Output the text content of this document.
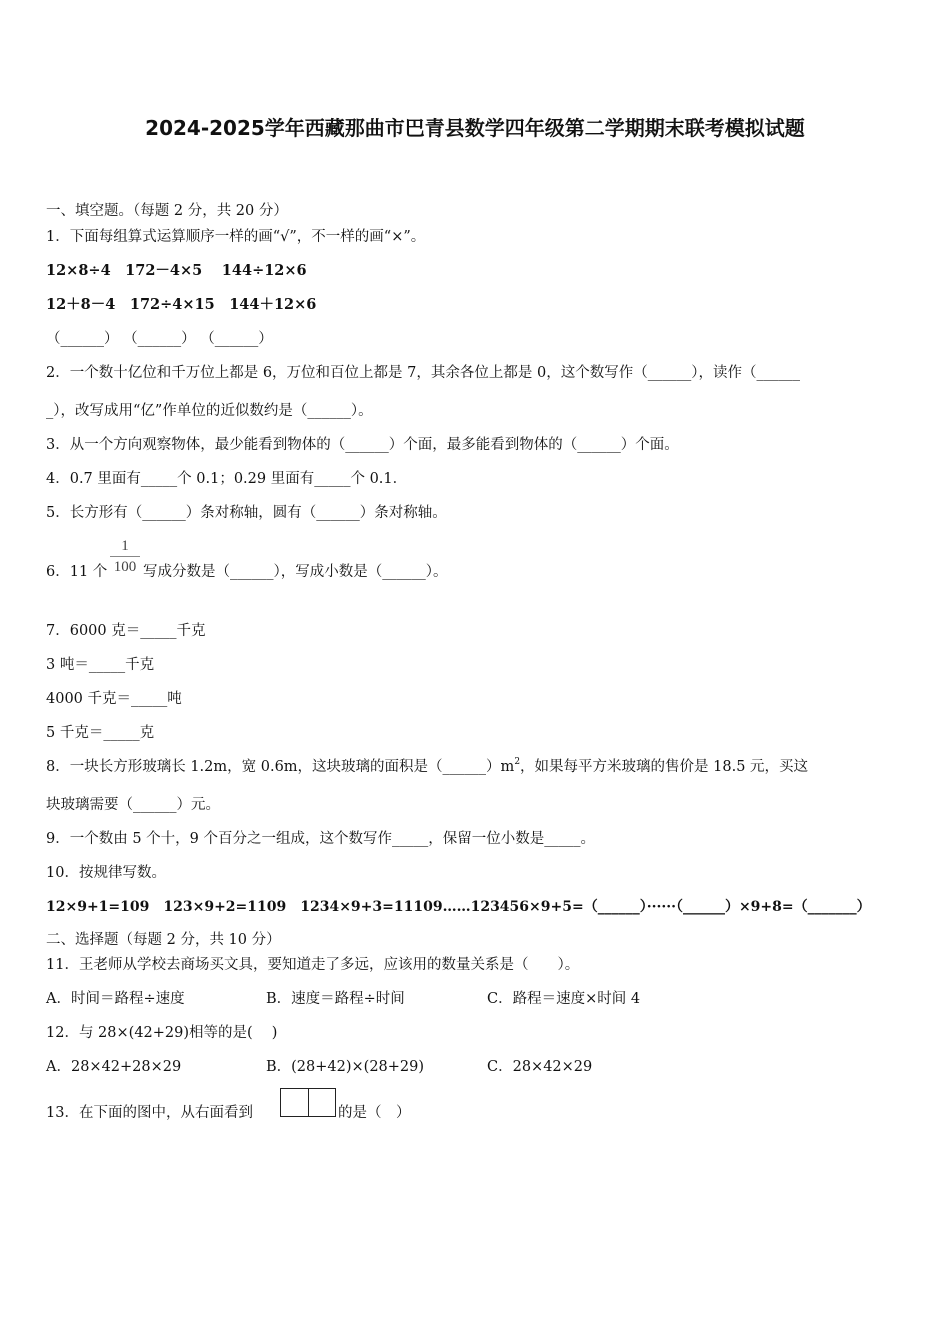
2024-2025学年西藏那曲市巴青县数学四年级第二学期期末联考模拟试题
一、填空题。（每题 2 分，共 20 分）
1．下面每组算式运算顺序一样的画“√”，不一样的画“×”。
12×8÷4　172－4×5　 144÷12×6
12＋8－4　172÷4×15　144＋12×6
（______） （______） （______）
2．一个数十亿位和千万位上都是 6，万位和百位上都是 7，其余各位上都是 0，这个数写作（______），读作（______
_），改写成用“亿”作单位的近似数约是（______）。
3．从一个方向观察物体，最少能看到物体的（______）个面，最多能看到物体的（______）个面。
4．0.7 里面有_____个 0.1；0.29 里面有_____个 0.1．
5．长方形有（______）条对称轴，圆有（______）条对称轴。
6．11 个
1
100 写成分数是（______），写成小数是（______）。
7．6000 克＝_____千克
3 吨＝_____千克
4000 千克＝_____吨
5 千克＝_____克
8．一块长方形玻璃长 1.2m，宽 0.6m，这块玻璃的面积是$(\_\_\_\_\_\_)m^2$，如果每平方米玻璃的售价是 18.5 元，买这
块玻璃需要（______）元。
9．一个数由 5 个十，9 个百分之一组成，这个数写作_____，保留一位小数是_____。
10．按规律写数。
12×9+1=109　123×9+2=1109　1234×9+3=11109……123456×9+5=（______）······（______）×9+8=（_______）
二、选择题（每题 2 分，共 10 分）
11．王老师从学校去商场买文具，要知道走了多远，应该用的数量关系是（　　）。
A．时间＝路程÷速度	B．速度＝路程÷时间	C．路程＝速度×时间 4
12．与 28×(42+29)相等的是(　 )
A．28×42+28×29	B．(28+42)×(28+29)	C．28×42×29
13．在下面的图中，从右面看到	的是（　）
